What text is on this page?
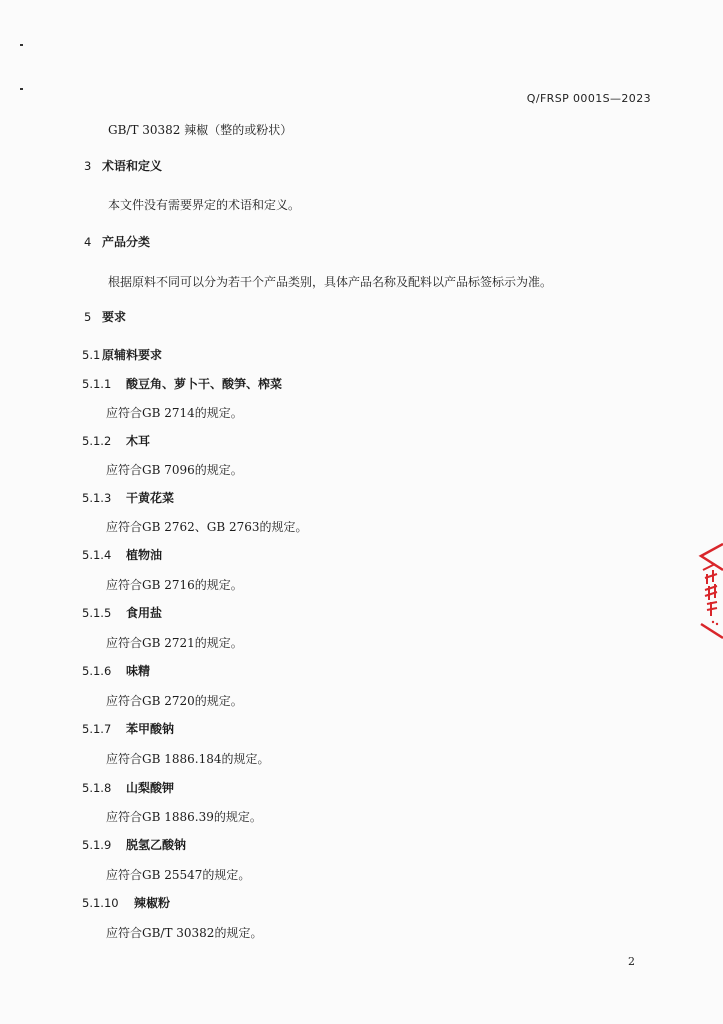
Q/FRSP 0001S—2023
GB/T 30382 辣椒（整的或粉状）
3 术语和定义
本文件没有需要界定的术语和定义。
4 产品分类
根据原料不同可以分为若干个产品类别，具体产品名称及配料以产品标签标示为准。
5 要求
5.1 原辅料要求
5.1.1 酸豆角、萝卜干、酸笋、榨菜
应符合GB 2714的规定。
5.1.2 木耳
应符合GB 7096的规定。
5.1.3 干黄花菜
应符合GB 2762、GB 2763的规定。
5.1.4 植物油
应符合GB 2716的规定。
5.1.5 食用盐
应符合GB 2721的规定。
5.1.6 味精
应符合GB 2720的规定。
5.1.7 苯甲酸钠
应符合GB 1886.184的规定。
5.1.8 山梨酸钾
应符合GB 1886.39的规定。
5.1.9 脱氢乙酸钠
应符合GB 25547的规定。
5.1.10 辣椒粉
应符合GB/T 30382的规定。
2
